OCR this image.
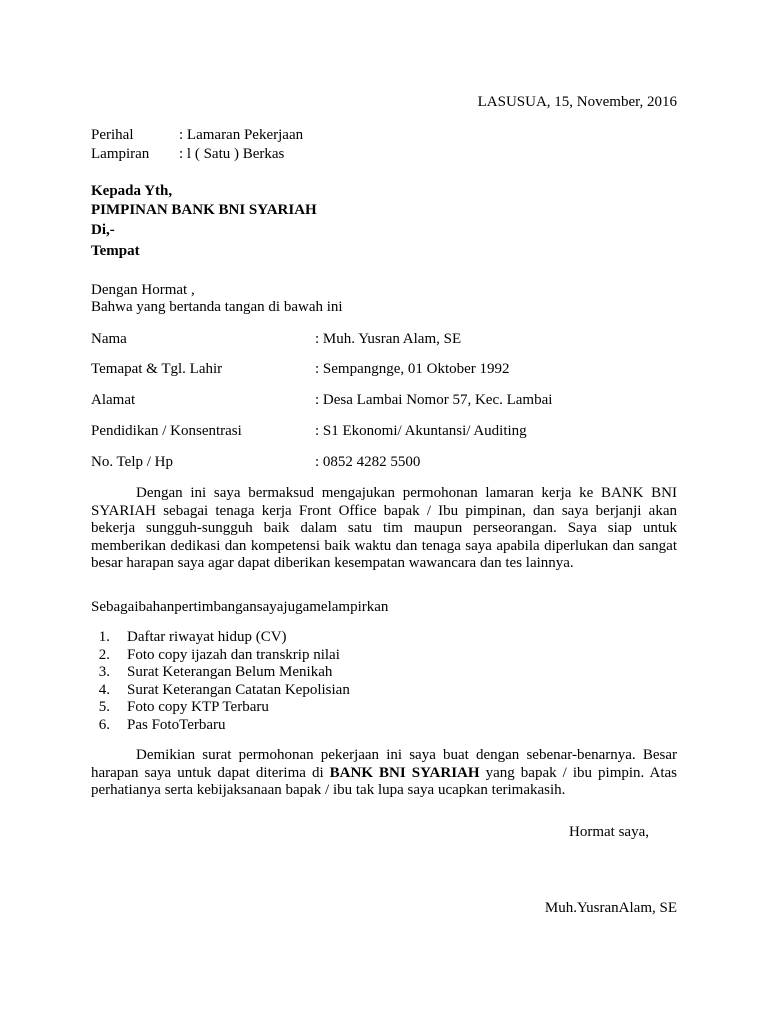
LASUSUA, 15, November, 2016
Perihal	: Lamaran Pekerjaan
Lampiran : l ( Satu ) Berkas
Kepada Yth,
PIMPINAN BANK BNI SYARIAH
Di,-
Tempat
Dengan Hormat ,
Bahwa yang bertanda tangan di bawah ini
Nama	: Muh. Yusran Alam, SE
Temapat & Tgl. Lahir	: Sempangnge, 01 Oktober 1992
Alamat	: Desa Lambai Nomor 57, Kec. Lambai
Pendidikan / Konsentrasi	: S1 Ekonomi/ Akuntansi/ Auditing
No. Telp / Hp	: 0852 4282 5500

Dengan ini saya bermaksud mengajukan permohonan lamaran kerja ke BANK BNI SYARIAH sebagai tenaga kerja Front Office bapak / Ibu pimpinan, dan saya berjanji akan bekerja sungguh-sungguh baik dalam satu tim maupun perseorangan. Saya siap untuk memberikan dedikasi dan kompetensi baik waktu dan tenaga saya apabila diperlukan dan sangat besar harapan saya agar dapat diberikan kesempatan wawancara dan tes lainnya.

Sebagaibahanpertimbangansayajugamelampirkan
1. Daftar riwayat hidup (CV)
2. Foto copy ijazah dan transkrip nilai
3. Surat Keterangan Belum Menikah
4. Surat Keterangan Catatan Kepolisian
5. Foto copy KTP Terbaru
6. Pas FotoTerbaru

Demikian surat permohonan pekerjaan ini saya buat dengan sebenar-benarnya. Besar harapan saya untuk dapat diterima di BANK BNI SYARIAH yang bapak / ibu pimpin. Atas perhatianya serta kebijaksanaan bapak / ibu tak lupa saya ucapkan terimakasih.

Hormat saya,
Muh.YusranAlam, SE
